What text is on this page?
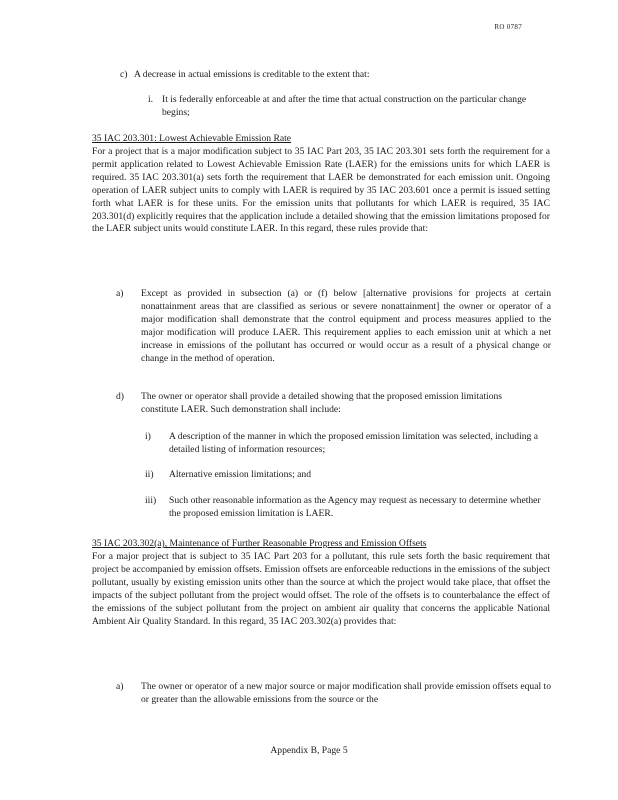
RO 0787
c) A decrease in actual emissions is creditable to the extent that:

i. It is federally enforceable at and after the time that actual construction on the particular change begins;

35 IAC 203.301: Lowest Achievable Emission Rate

For a project that is a major modification subject to 35 IAC Part 203, 35 IAC 203.301 sets forth the requirement for a permit application related to Lowest Achievable Emission Rate (LAER) for the emissions units for which LAER is required. 35 IAC 203.301(a) sets forth the requirement that LAER be demonstrated for each emission unit. Ongoing operation of LAER subject units to comply with LAER is required by 35 IAC 203.601 once a permit is issued setting forth what LAER is for these units. For the emission units that pollutants for which LAER is required, 35 IAC 203.301(d) explicitly requires that the application include a detailed showing that the emission limitations proposed for the LAER subject units would constitute LAER. In this regard, these rules provide that:

a) Except as provided in subsection (a) or (f) below [alternative provisions for projects at certain nonattainment areas that are classified as serious or severe nonattainment] the owner or operator of a major modification shall demonstrate that the control equipment and process measures applied to the major modification will produce LAER. This requirement applies to each emission unit at which a net increase in emissions of the pollutant has occurred or would occur as a result of a physical change or change in the method of operation.

d) The owner or operator shall provide a detailed showing that the proposed emission limitations constitute LAER. Such demonstration shall include:

i) A description of the manner in which the proposed emission limitation was selected, including a detailed listing of information resources;

ii) Alternative emission limitations; and

iii) Such other reasonable information as the Agency may request as necessary to determine whether the proposed emission limitation is LAER.

35 IAC 203.302(a), Maintenance of Further Reasonable Progress and Emission Offsets

For a major project that is subject to 35 IAC Part 203 for a pollutant, this rule sets forth the basic requirement that project be accompanied by emission offsets. Emission offsets are enforceable reductions in the emissions of the subject pollutant, usually by existing emission units other than the source at which the project would take place, that offset the impacts of the subject pollutant from the project would offset. The role of the offsets is to counterbalance the effect of the emissions of the subject pollutant from the project on ambient air quality that concerns the applicable National Ambient Air Quality Standard. In this regard, 35 IAC 203.302(a) provides that:

a) The owner or operator of a new major source or major modification shall provide emission offsets equal to or greater than the allowable emissions from the source or the

Appendix B, Page 5
